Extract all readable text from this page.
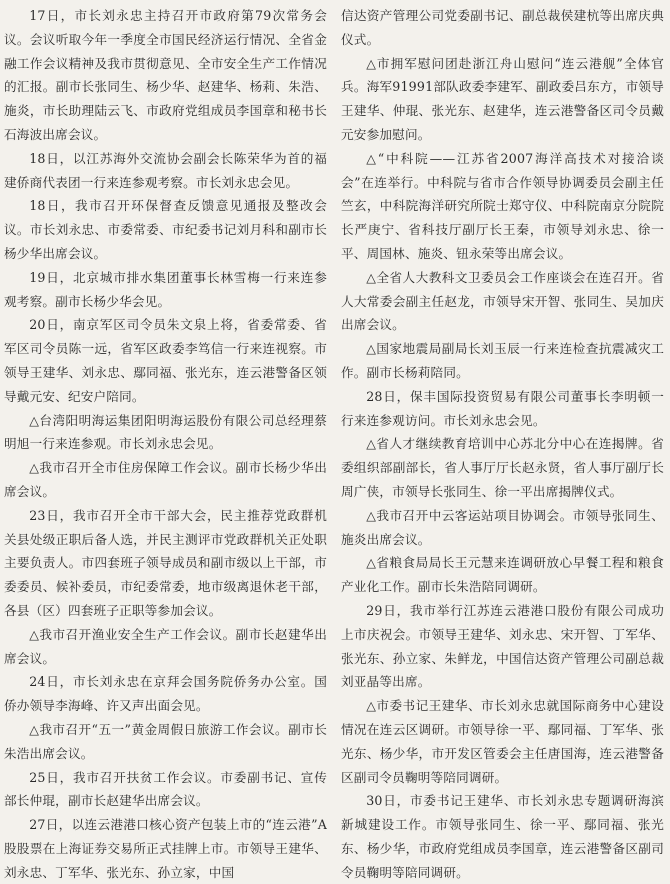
17日，市长刘永忠主持召开市政府第79次常务会议。会议听取今年一季度全市国民经济运行情况、全省金融工作会议精神及我市贯彻意见、全市安全生产工作情况的汇报。副市长张同生、杨少华、赵建华、杨莉、朱浩、施炎，市长助理陆云飞、市政府党组成员李国章和秘书长石海波出席会议。

18日，以江苏海外交流协会副会长陈荣华为首的福建侨商代表团一行来连参观考察。市长刘永忠会见。

18日，我市召开环保督查反馈意见通报及整改会议。市长刘永忠、市委常委、市纪委书记刘月科和副市长杨少华出席会议。

19日，北京城市排水集团董事长林雪梅一行来连参观考察。副市长杨少华会见。

20日，南京军区司令员朱文泉上将，省委常委、省军区司令员陈一远，省军区政委李笃信一行来连视察。市领导王建华、刘永忠、鄢同福、张光东，连云港警备区领导戴元安、纪安户陪同。

△台湾阳明海运集团阳明海运股份有限公司总经理蔡明旭一行来连参观。市长刘永忠会见。

△我市召开全市住房保障工作会议。副市长杨少华出席会议。

23日，我市召开全市干部大会，民主推荐党政群机关县处级正职后备人选，并民主测评市党政群机关正处职主要负责人。市四套班子领导成员和副市级以上干部，市委委员、候补委员，市纪委常委，地市级离退休老干部，各县（区）四套班子正职等参加会议。

△我市召开渔业安全生产工作会议。副市长赵建华出席会议。

24日，市长刘永忠在京拜会国务院侨务办公室。国侨办领导李海峰、许又声出面会见。

△我市召开“五一”黄金周假日旅游工作会议。副市长朱浩出席会议。

25日，我市召开扶贫工作会议。市委副书记、宣传部长仲琨，副市长赵建华出席会议。

27日，以连云港港口核心资产包装上市的“连云港”A股股票在上海证券交易所正式挂牌上市。市领导王建华、刘永忠、丁军华、张光东、孙立家，中国

信达资产管理公司党委副书记、副总裁侯建杭等出席庆典仪式。

△市拥军慰问团赴浙江舟山慰问“连云港舰”全体官兵。海军91991部队政委李建军、副政委吕东方，市领导王建华、仲琨、张光东、赵建华，连云港警备区司令员戴元安参加慰问。

△“中科院——江苏省2007海洋高技术对接洽谈会”在连举行。中科院与省市合作领导协调委员会副主任竺玄，中科院海洋研究所院士郑守仪、中科院南京分院院长严庚宁、省科技厅副厅长王秦，市领导刘永忠、徐一平、周国林、施炎、钮永荣等出席会议。

△全省人大教科文卫委员会工作座谈会在连召开。省人大常委会副主任赵龙，市领导宋开智、张同生、吴加庆出席会议。

△国家地震局副局长刘玉辰一行来连检查抗震减灾工作。副市长杨莉陪同。

28日，保丰国际投资贸易有限公司董事长李明顿一行来连参观访问。市长刘永忠会见。

△省人才继续教育培训中心苏北分中心在连揭牌。省委组织部副部长，省人事厅厅长赵永贤，省人事厅副厅长周广侠，市领导长张同生、徐一平出席揭牌仪式。

△我市召开中云客运站项目协调会。市领导张同生、施炎出席会议。

△省粮食局局长王元慧来连调研放心早餐工程和粮食产业化工作。副市长朱浩陪同调研。

29日，我市举行江苏连云港港口股份有限公司成功上市庆祝会。市领导王建华、刘永忠、宋开智、丁军华、张光东、孙立家、朱鲜龙，中国信达资产管理公司副总裁刘亚晶等出席。

△市委书记王建华、市长刘永忠就国际商务中心建设情况在连云区调研。市领导徐一平、鄢同福、丁军华、张光东、杨少华，市开发区管委会主任唐国海，连云港警备区副司令员鞠明等陪同调研。

30日，市委书记王建华、市长刘永忠专题调研海滨新城建设工作。市领导张同生、徐一平、鄢同福、张光东、杨少华，市政府党组成员李国章，连云港警备区副司令员鞠明等陪同调研。
